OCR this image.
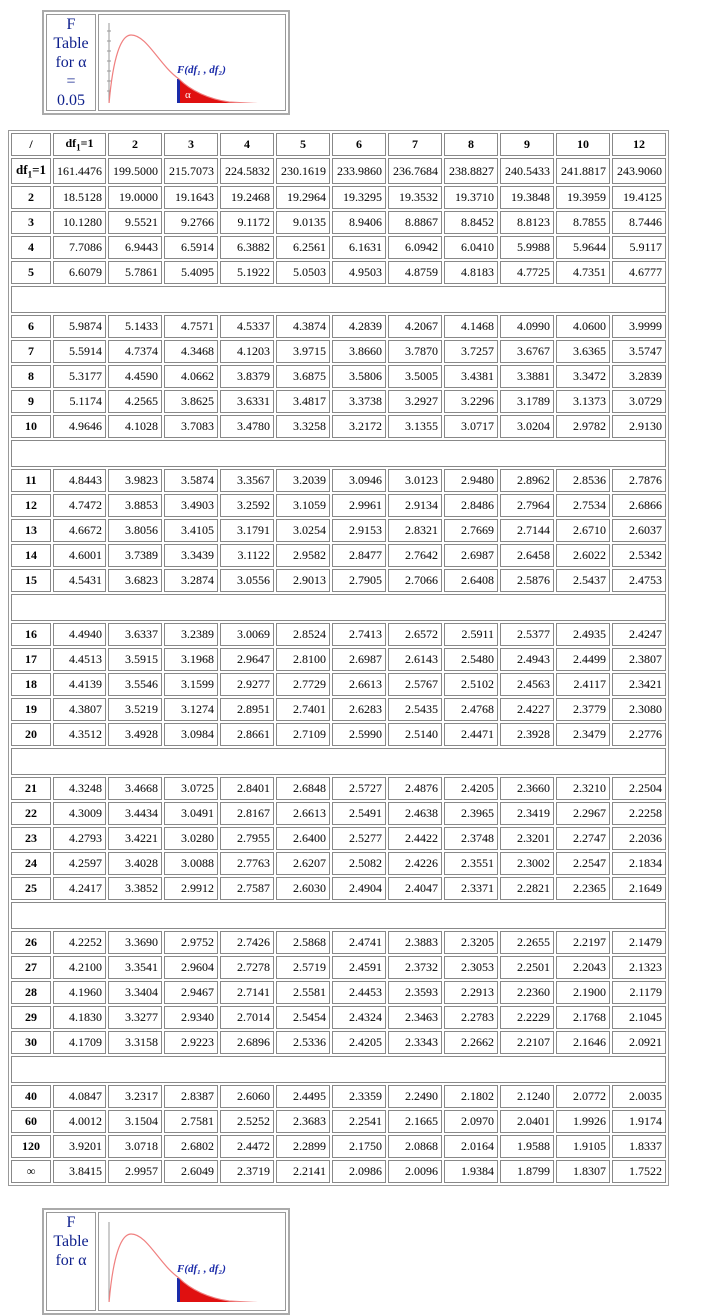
F
Table
for α
=
0.05

F(df₁ , df₂)
α
/	$df_1=1$	2	3	4	5	6	7	8	9	10	12
$df_1=1$	161.4476	199.5000	215.7073	224.5832	230.1619	233.9860	236.7684	238.8827	240.5433	241.8817	243.9060
2	18.5128	19.0000	19.1643	19.2468	19.2964	19.3295	19.3532	19.3710	19.3848	19.3959	19.4125
3	10.1280	9.5521	9.2766	9.1172	9.0135	8.9406	8.8867	8.8452	8.8123	8.7855	8.7446
4	7.7086	6.9443	6.5914	6.3882	6.2561	6.1631	6.0942	6.0410	5.9988	5.9644	5.9117
5	6.6079	5.7861	5.4095	5.1922	5.0503	4.9503	4.8759	4.8183	4.7725	4.7351	4.6777

6	5.9874	5.1433	4.7571	4.5337	4.3874	4.2839	4.2067	4.1468	4.0990	4.0600	3.9999
7	5.5914	4.7374	4.3468	4.1203	3.9715	3.8660	3.7870	3.7257	3.6767	3.6365	3.5747
8	5.3177	4.4590	4.0662	3.8379	3.6875	3.5806	3.5005	3.4381	3.3881	3.3472	3.2839
9	5.1174	4.2565	3.8625	3.6331	3.4817	3.3738	3.2927	3.2296	3.1789	3.1373	3.0729
10	4.9646	4.1028	3.7083	3.4780	3.3258	3.2172	3.1355	3.0717	3.0204	2.9782	2.9130

11	4.8443	3.9823	3.5874	3.3567	3.2039	3.0946	3.0123	2.9480	2.8962	2.8536	2.7876
12	4.7472	3.8853	3.4903	3.2592	3.1059	2.9961	2.9134	2.8486	2.7964	2.7534	2.6866
13	4.6672	3.8056	3.4105	3.1791	3.0254	2.9153	2.8321	2.7669	2.7144	2.6710	2.6037
14	4.6001	3.7389	3.3439	3.1122	2.9582	2.8477	2.7642	2.6987	2.6458	2.6022	2.5342
15	4.5431	3.6823	3.2874	3.0556	2.9013	2.7905	2.7066	2.6408	2.5876	2.5437	2.4753

16	4.4940	3.6337	3.2389	3.0069	2.8524	2.7413	2.6572	2.5911	2.5377	2.4935	2.4247
17	4.4513	3.5915	3.1968	2.9647	2.8100	2.6987	2.6143	2.5480	2.4943	2.4499	2.3807
18	4.4139	3.5546	3.1599	2.9277	2.7729	2.6613	2.5767	2.5102	2.4563	2.4117	2.3421
19	4.3807	3.5219	3.1274	2.8951	2.7401	2.6283	2.5435	2.4768	2.4227	2.3779	2.3080
20	4.3512	3.4928	3.0984	2.8661	2.7109	2.5990	2.5140	2.4471	2.3928	2.3479	2.2776

21	4.3248	3.4668	3.0725	2.8401	2.6848	2.5727	2.4876	2.4205	2.3660	2.3210	2.2504
22	4.3009	3.4434	3.0491	2.8167	2.6613	2.5491	2.4638	2.3965	2.3419	2.2967	2.2258
23	4.2793	3.4221	3.0280	2.7955	2.6400	2.5277	2.4422	2.3748	2.3201	2.2747	2.2036
24	4.2597	3.4028	3.0088	2.7763	2.6207	2.5082	2.4226	2.3551	2.3002	2.2547	2.1834
25	4.2417	3.3852	2.9912	2.7587	2.6030	2.4904	2.4047	2.3371	2.2821	2.2365	2.1649

26	4.2252	3.3690	2.9752	2.7426	2.5868	2.4741	2.3883	2.3205	2.2655	2.2197	2.1479
27	4.2100	3.3541	2.9604	2.7278	2.5719	2.4591	2.3732	2.3053	2.2501	2.2043	2.1323
28	4.1960	3.3404	2.9467	2.7141	2.5581	2.4453	2.3593	2.2913	2.2360	2.1900	2.1179
29	4.1830	3.3277	2.9340	2.7014	2.5454	2.4324	2.3463	2.2783	2.2229	2.1768	2.1045
30	4.1709	3.3158	2.9223	2.6896	2.5336	2.4205	2.3343	2.2662	2.2107	2.1646	2.0921

40	4.0847	3.2317	2.8387	2.6060	2.4495	2.3359	2.2490	2.1802	2.1240	2.0772	2.0035
60	4.0012	3.1504	2.7581	2.5252	2.3683	2.2541	2.1665	2.0970	2.0401	1.9926	1.9174
120	3.9201	3.0718	2.6802	2.4472	2.2899	2.1750	2.0868	2.0164	1.9588	1.9105	1.8337
∞	3.8415	2.9957	2.6049	2.3719	2.2141	2.0986	2.0096	1.9384	1.8799	1.8307	1.7522
F
Table
for α	F(df₁ , df₂)
